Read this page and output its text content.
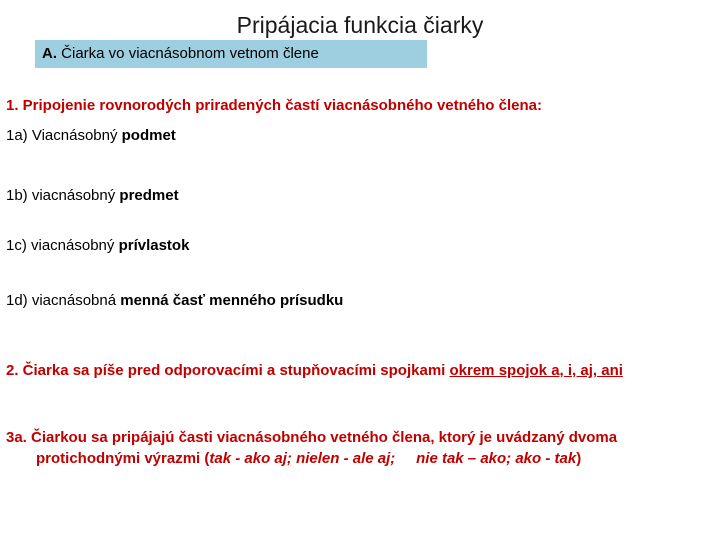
Pripájacia funkcia čiarky
A. Čiarka vo viacnásobnom vetnom člene
1. Pripojenie rovnorodých priradených častí viacnásobného vetného člena:
1a) Viacnásobný podmet
1b) viacnásobný predmet
1c) viacnásobný prívlastok
1d) viacnásobná menná časť menného prísudku
2. Čiarka sa píše pred odporovacími a stupňovacími spojkami okrem spojok a, i, aj, ani
3a. Čiarkou sa pripájajú časti viacnásobného vetného člena, ktorý je uvádzaný dvoma
protichodnými výrazmi (tak - ako aj; nielen - ale aj; nie tak – ako; ako - tak)
